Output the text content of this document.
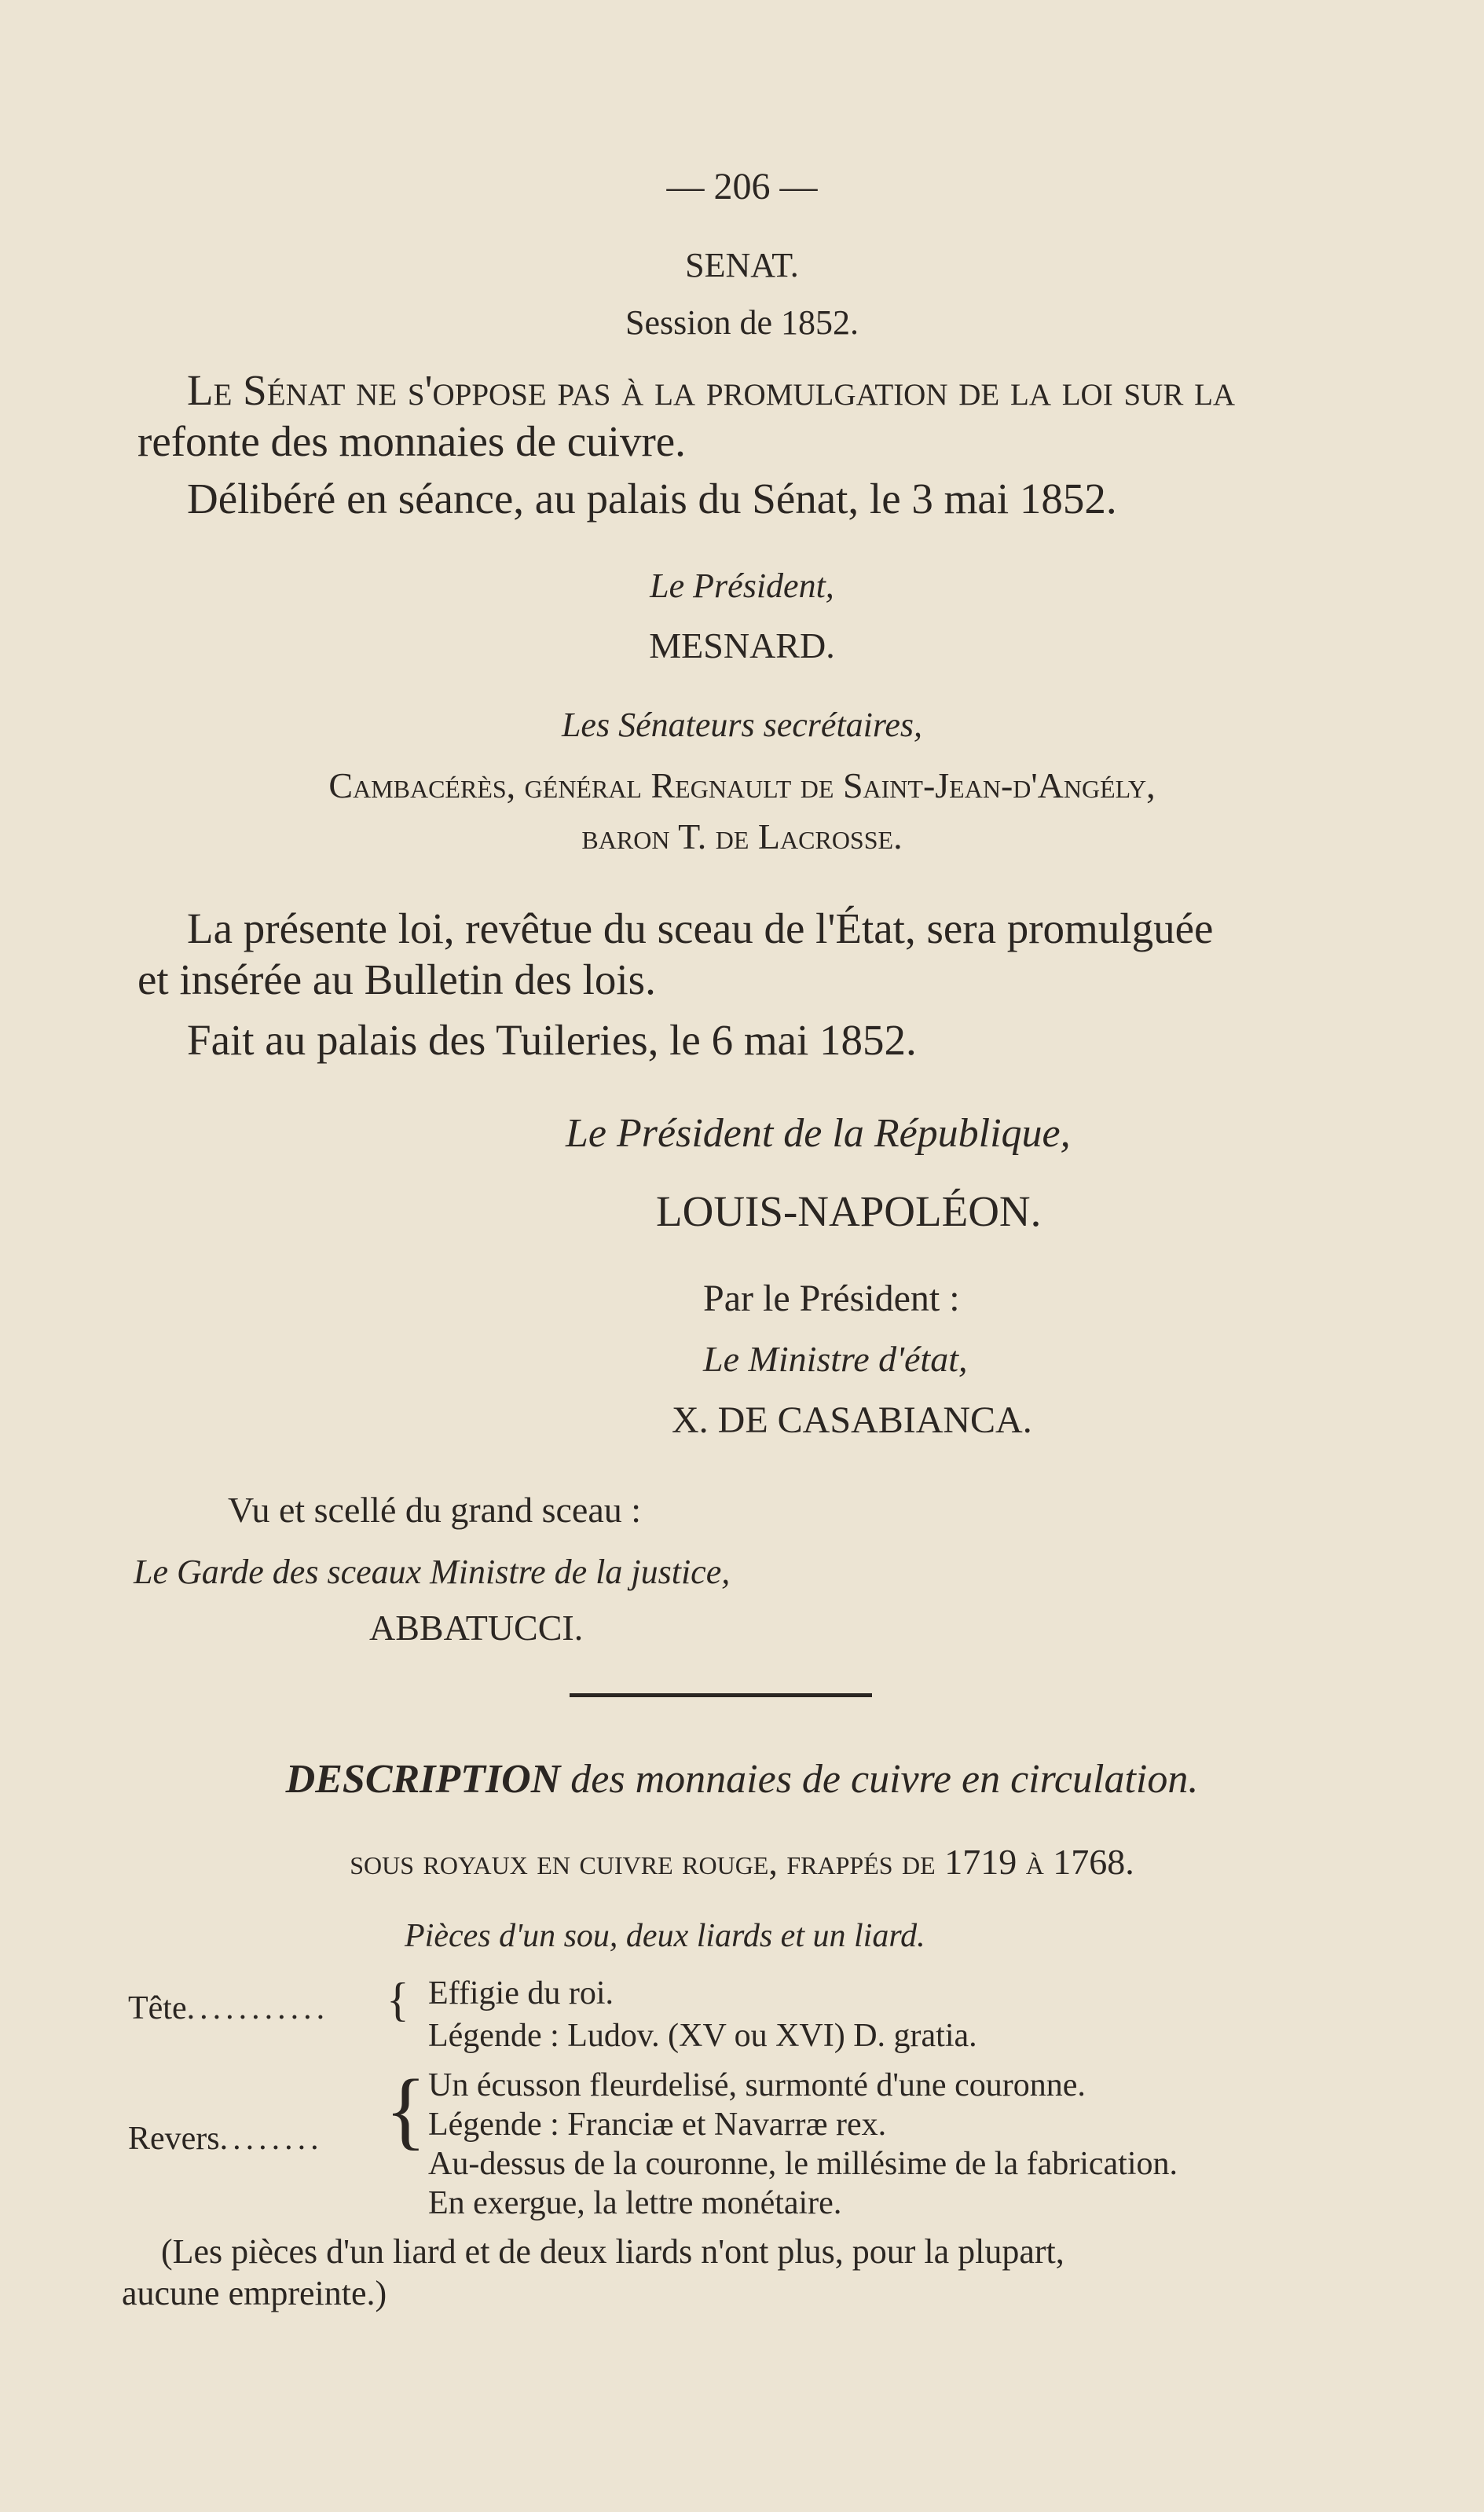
— 206 —
SENAT.
Session de 1852.
Le Sénat ne s'oppose pas à la promulgation de la loi sur la
refonte des monnaies de cuivre.
Délibéré en séance, au palais du Sénat, le 3 mai 1852.
Le Président,
MESNARD.
Les Sénateurs secrétaires,
Cambacérès, général Regnault de Saint-Jean-d'Angély,
baron T. de Lacrosse.
La présente loi, revêtue du sceau de l'État, sera promulguée
et insérée au Bulletin des lois.
Fait au palais des Tuileries, le 6 mai 1852.
Le Président de la République,
LOUIS-NAPOLÉON.
Par le Président :
Le Ministre d'état,
X. DE CASABIANCA.
Vu et scellé du grand sceau :
Le Garde des sceaux Ministre de la justice,
ABBATUCCI.
DESCRIPTION des monnaies de cuivre en circulation.
sous royaux en cuivre rouge, frappés de 1719 à 1768.
Pièces d'un sou, deux liards et un liard.
Tête........... { Effigie du roi.
Légende : Ludov. (XV ou XVI) D. gratia.
Revers........ { Un écusson fleurdelisé, surmonté d'une couronne.
Légende : Franciæ et Navarræ rex.
Au-dessus de la couronne, le millésime de la fabrication.
En exergue, la lettre monétaire.
(Les pièces d'un liard et de deux liards n'ont plus, pour la plupart,
aucune empreinte.)
